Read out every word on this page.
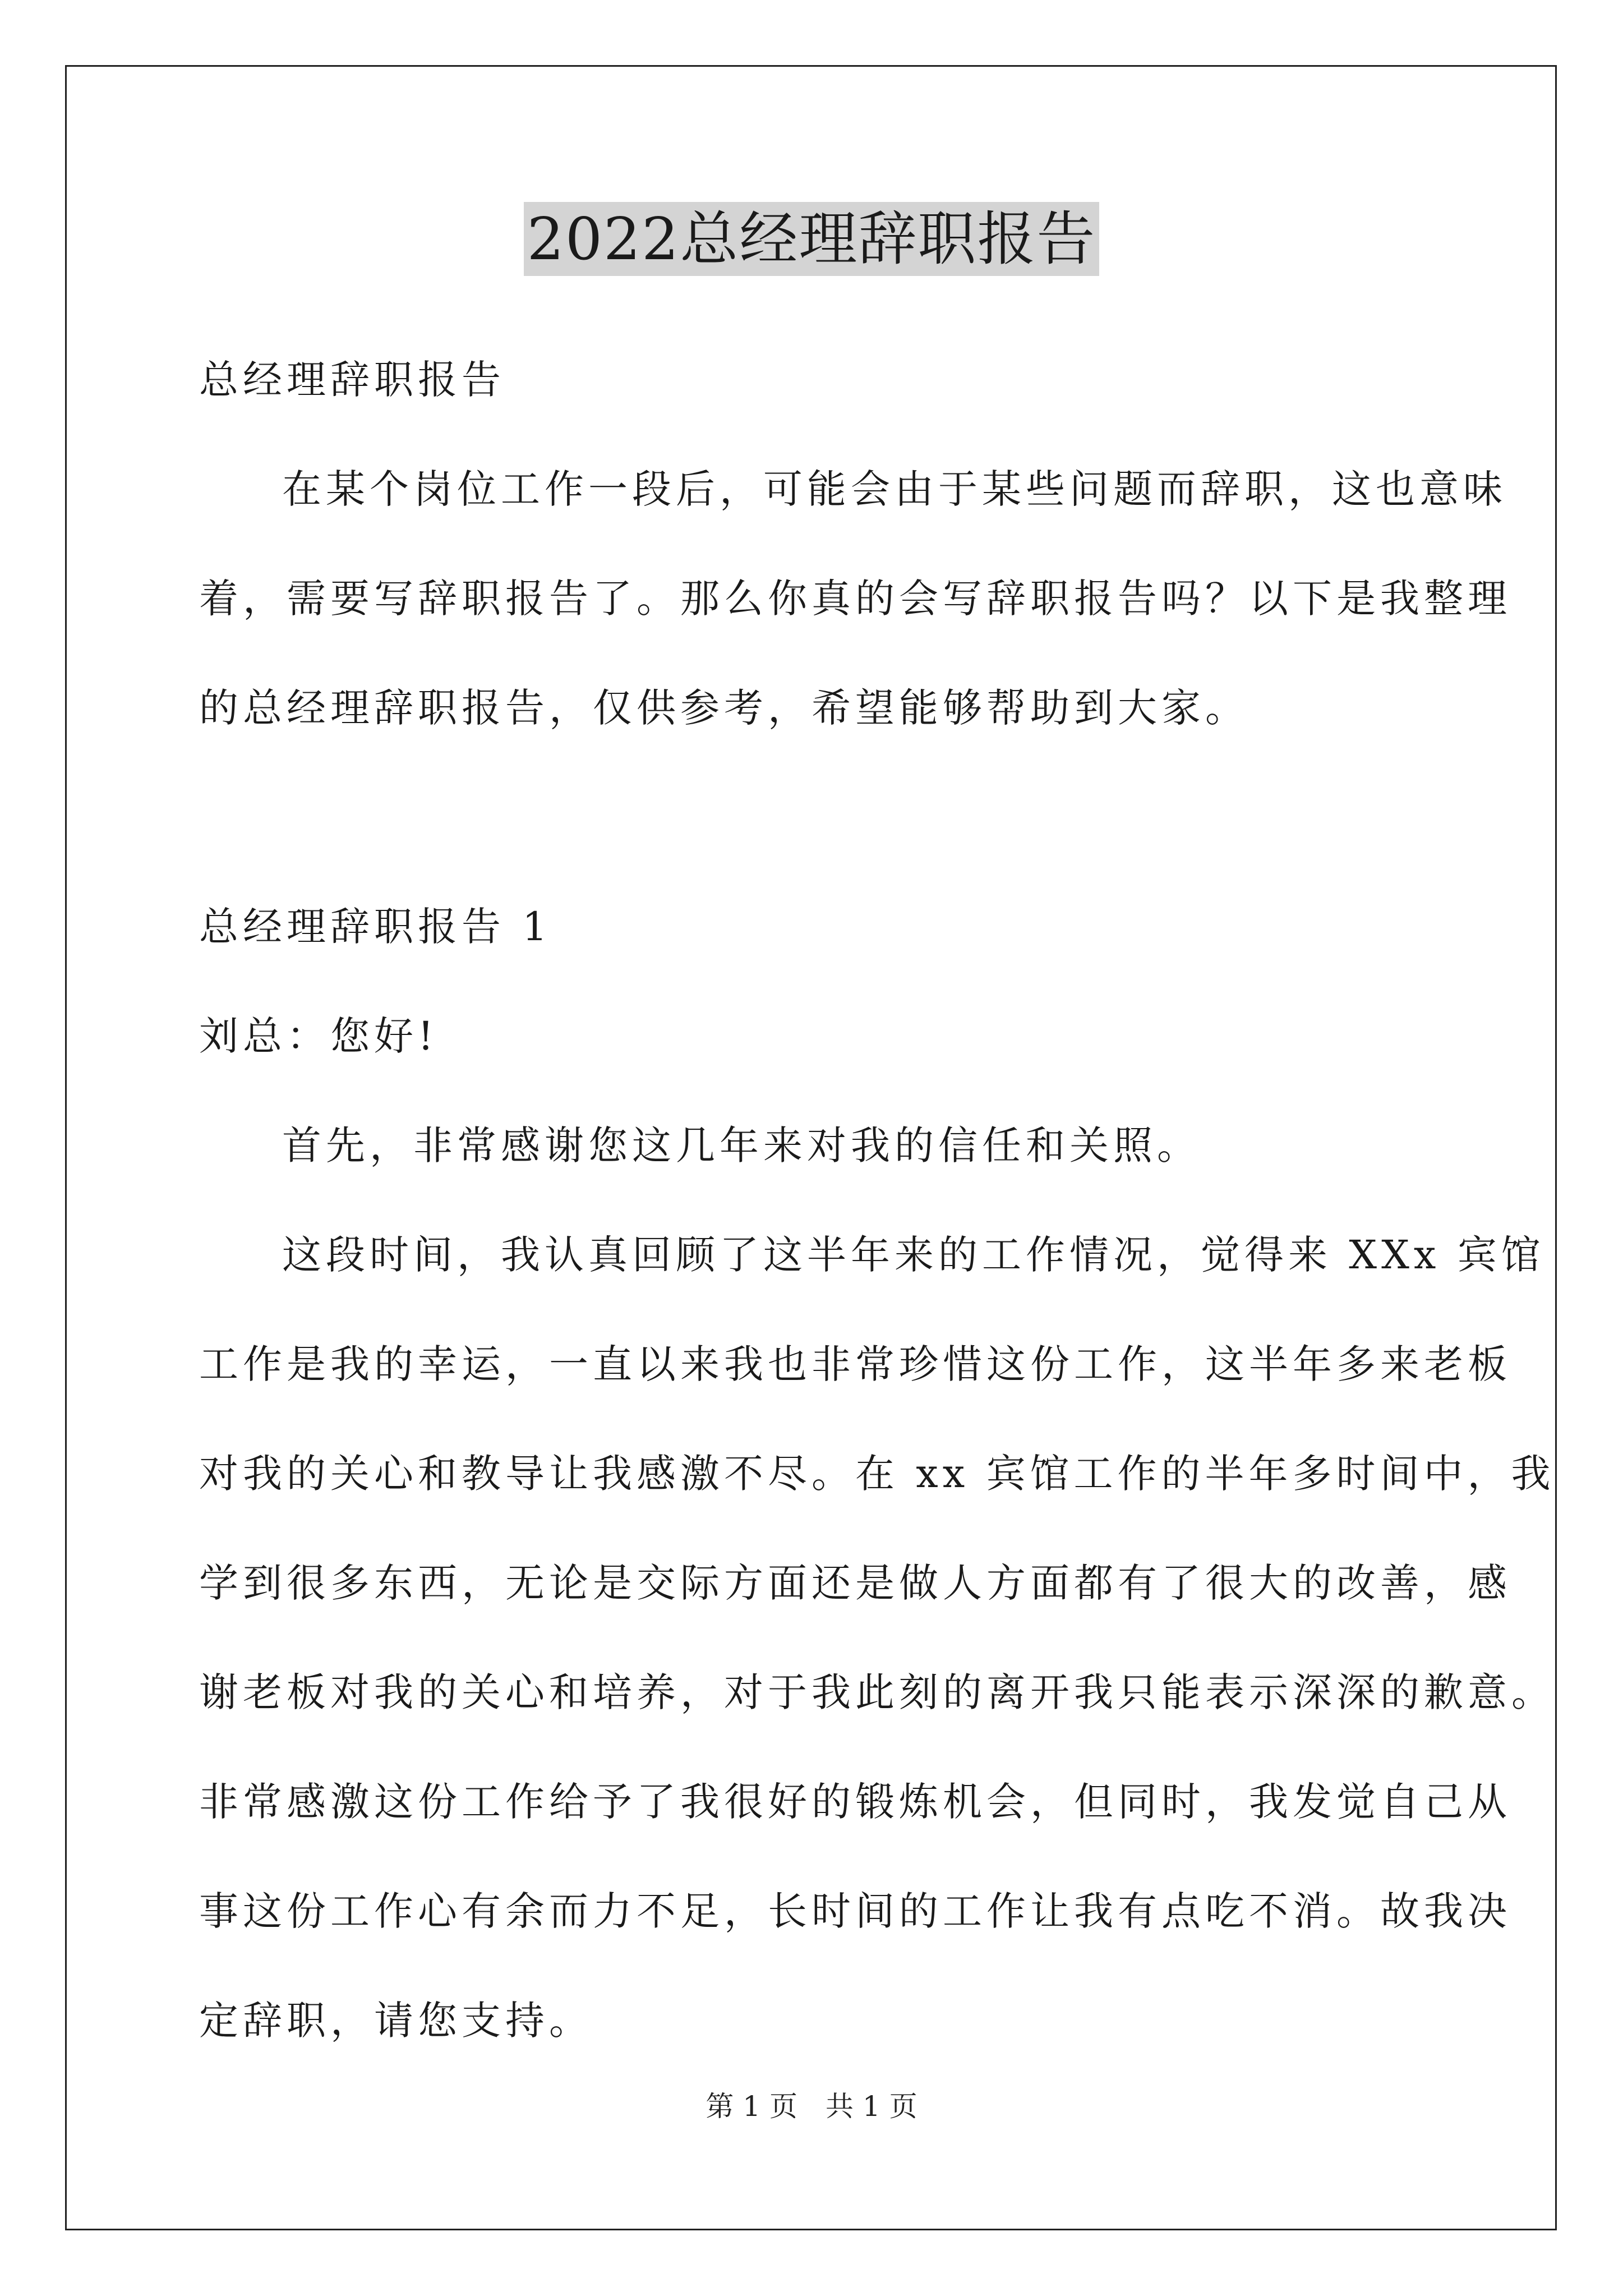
2022总经理辞职报告
总经理辞职报告
在某个岗位工作一段后，可能会由于某些问题而辞职，这也意味
着，需要写辞职报告了。那么你真的会写辞职报告吗？以下是我整理
的总经理辞职报告，仅供参考，希望能够帮助到大家。
总经理辞职报告 1
刘总：您好!
首先，非常感谢您这几年来对我的信任和关照。
这段时间，我认真回顾了这半年来的工作情况，觉得来 XXx 宾馆
工作是我的幸运，一直以来我也非常珍惜这份工作，这半年多来老板
对我的关心和教导让我感激不尽。在 xx 宾馆工作的半年多时间中，我
学到很多东西，无论是交际方面还是做人方面都有了很大的改善，感
谢老板对我的关心和培养，对于我此刻的离开我只能表示深深的歉意。
非常感激这份工作给予了我很好的锻炼机会，但同时，我发觉自己从
事这份工作心有余而力不足，长时间的工作让我有点吃不消。故我决
定辞职，请您支持。
第 1 页　共 1 页
